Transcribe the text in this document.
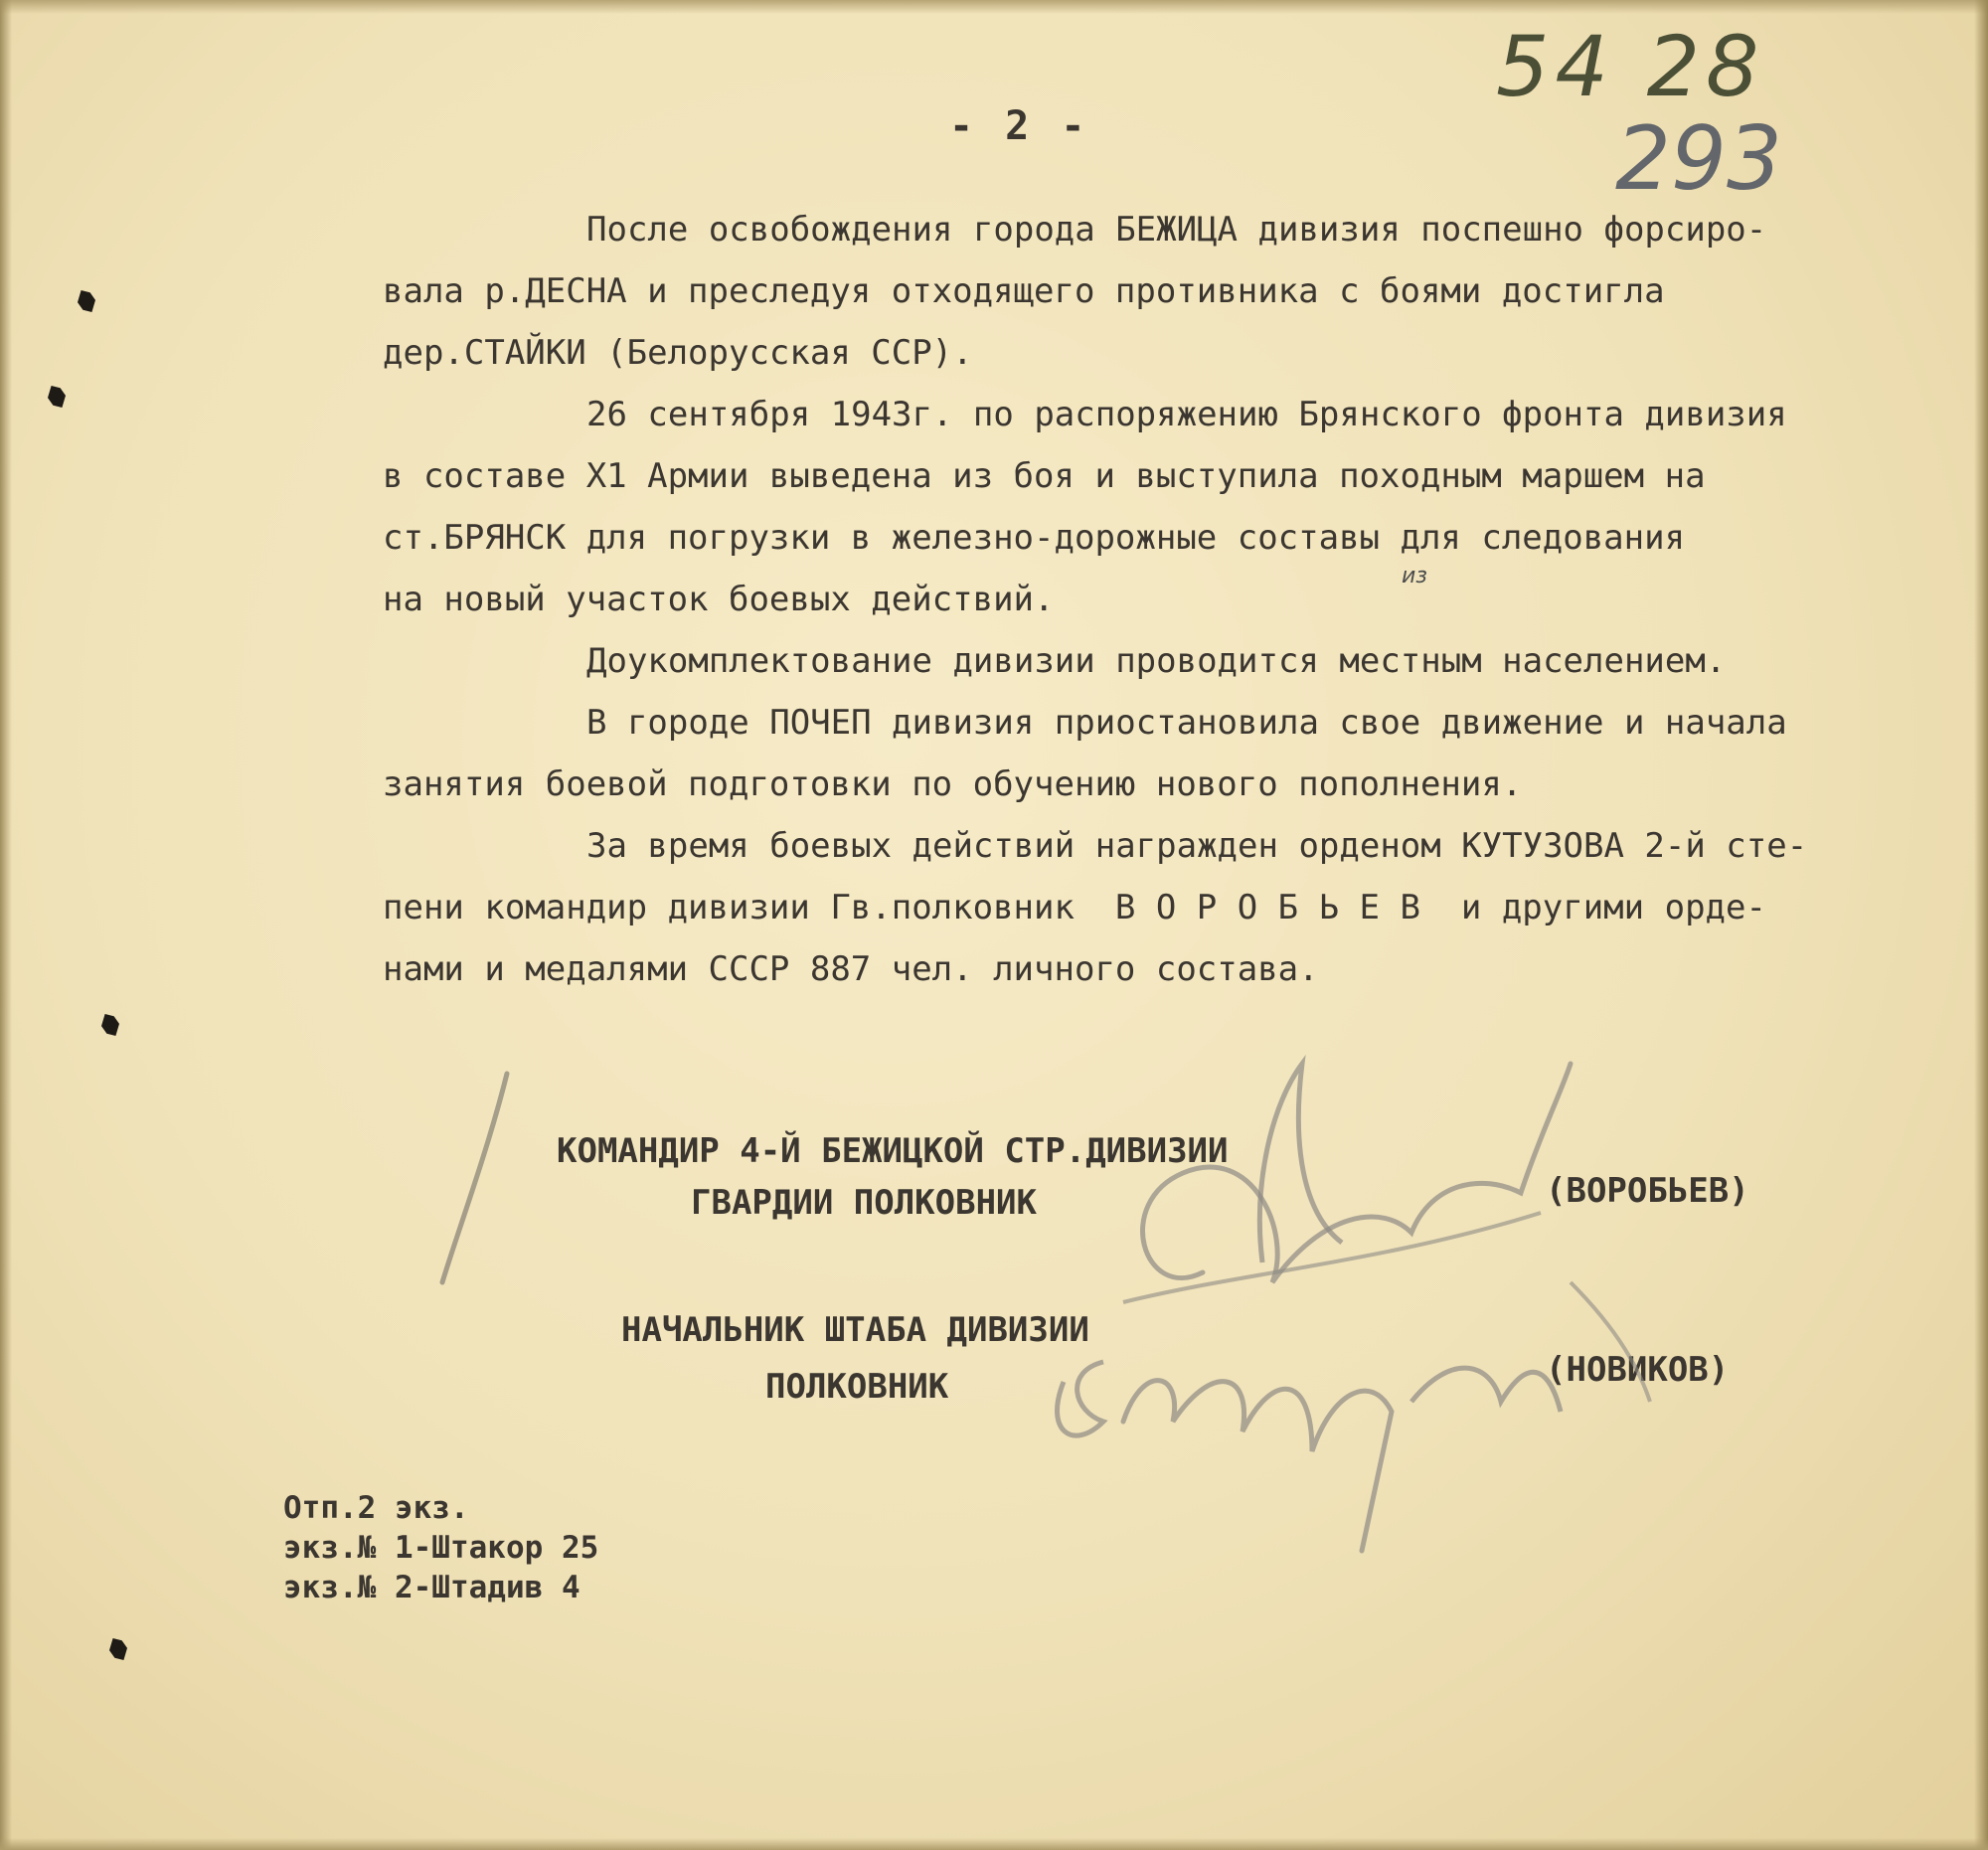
54 28
293
- 2 -
После освобождения города БЕЖИЦА дивизия поспешно форсиро-
вала р.ДЕСНА и преследуя отходящего противника с боями достигла
дер.СТАЙКИ (Белорусская ССР).
26 сентября 1943г. по распоряжению Брянского фронта дивизия
в составе Х1 Армии выведена из боя и выступила походным маршем на
ст.БРЯНСК для погрузки в железно-дорожные составы для следования
на новый участок боевых действий.
Доукомплектование дивизии проводится местным населением.
В городе ПОЧЕП дивизия приостановила свое движение и начала
занятия боевой подготовки по обучению нового пополнения.
За время боевых действий награжден орденом КУТУЗОВА 2-й сте-
пени командир дивизии Гв.полковник  В О Р О Б Ь Е В  и другими орде-
нами и медалями СССР 887 чел. личного состава.
из
КОМАНДИР 4-Й БЕЖИЦКОЙ СТР.ДИВИЗИИ
ГВАРДИИ ПОЛКОВНИК	(ВОРОБЬЕВ)
НАЧАЛЬНИК ШТАБА ДИВИЗИИ
ПОЛКОВНИК	(НОВИКОВ)
Отп.2 экз.
экз.№ 1-Штакор 25
экз.№ 2-Штадив 4
